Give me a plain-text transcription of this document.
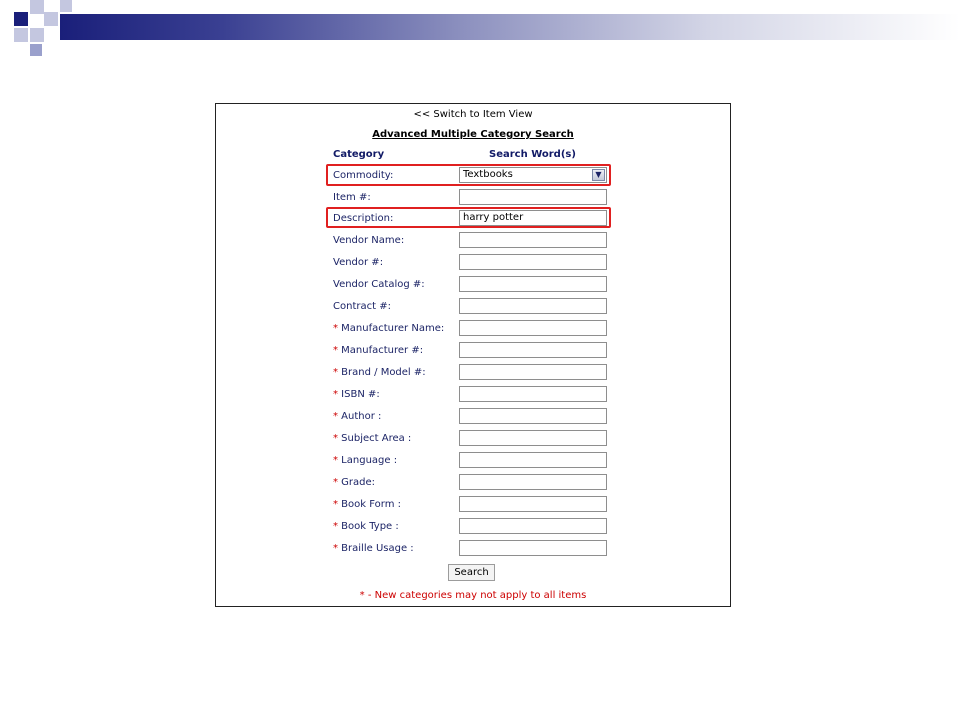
<< Switch to Item View
Advanced Multiple Category Search
Category	Search Word(s)
Commodity:	Textbooks	▼
Item #:
Description:	harry potter
Vendor Name:
Vendor #:
Vendor Catalog #:
Contract #:
* Manufacturer Name:
* Manufacturer #:
* Brand / Model #:
* ISBN #:
* Author :
* Subject Area :
* Language :
* Grade:
* Book Form :
* Book Type :
* Braille Usage :
Search
* - New categories may not apply to all items
